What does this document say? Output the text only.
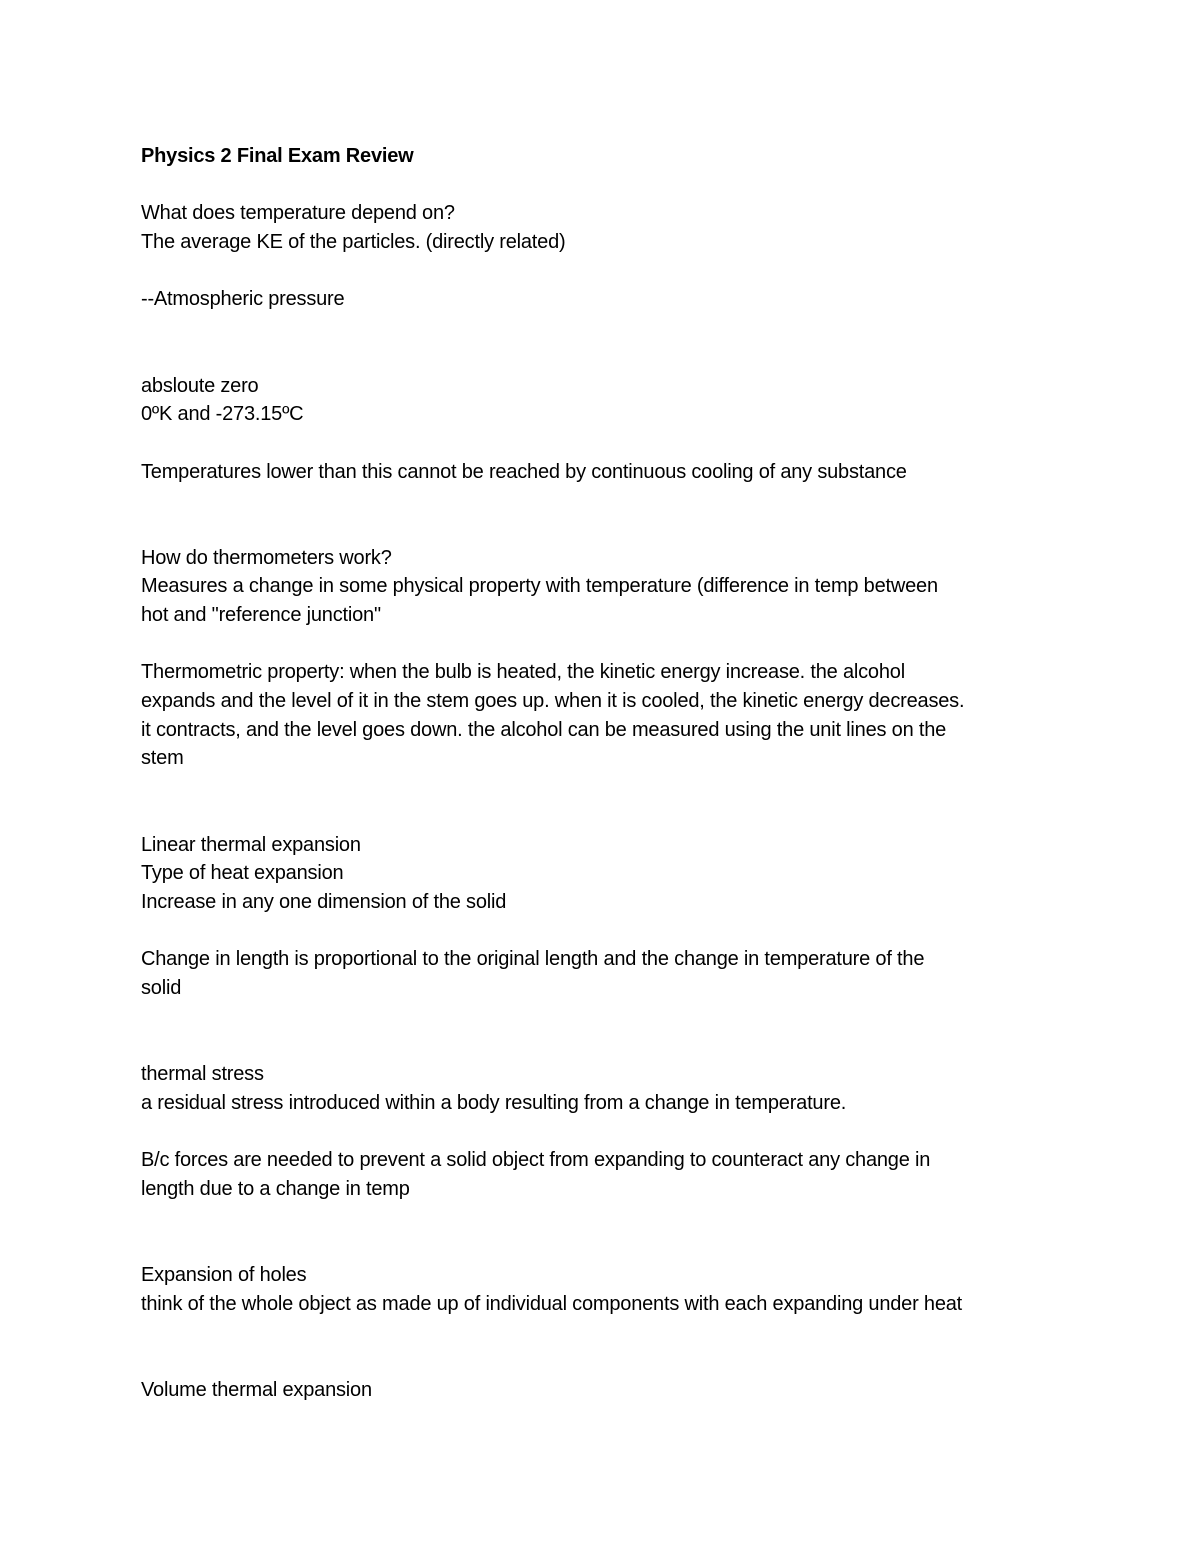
Physics 2 Final Exam Review
What does temperature depend on?
The average KE of the particles. (directly related)
--Atmospheric pressure
absloute zero
0ºK and -273.15ºC
Temperatures lower than this cannot be reached by continuous cooling of any substance
How do thermometers work?
Measures a change in some physical property with temperature (difference in temp between
hot and "reference junction"
Thermometric property: when the bulb is heated, the kinetic energy increase. the alcohol
expands and the level of it in the stem goes up. when it is cooled, the kinetic energy decreases.
it contracts, and the level goes down. the alcohol can be measured using the unit lines on the
stem
Linear thermal expansion
Type of heat expansion
Increase in any one dimension of the solid
Change in length is proportional to the original length and the change in temperature of the
solid
thermal stress
a residual stress introduced within a body resulting from a change in temperature.
B/c forces are needed to prevent a solid object from expanding to counteract any change in
length due to a change in temp
Expansion of holes
think of the whole object as made up of individual components with each expanding under heat
Volume thermal expansion
